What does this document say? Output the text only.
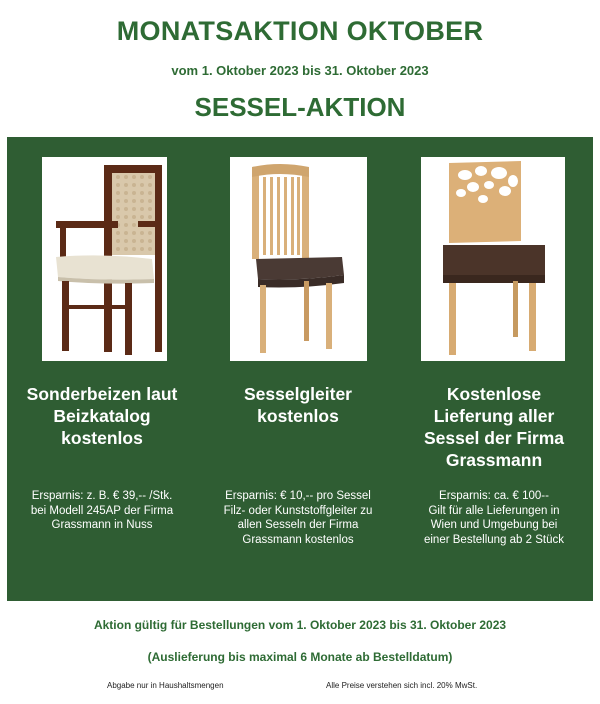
MONATSAKTION OKTOBER
vom 1. Oktober 2023 bis 31. Oktober 2023
SESSEL-AKTION
Sonderbeizen laut
Beizkatalog
kostenlos
Ersparnis: z. B. € 39,-- /Stk.
bei Modell 245AP der Firma
Grassmann in Nuss
Sesselgleiter
kostenlos
Ersparnis: € 10,-- pro Sessel
Filz- oder Kunststoffgleiter zu
allen Sesseln der Firma
Grassmann kostenlos
Kostenlose
Lieferung aller
Sessel der Firma
Grassmann
Ersparnis: ca. € 100--
Gilt für alle Lieferungen in
Wien und Umgebung bei
einer Bestellung ab 2 Stück
Aktion gültig für Bestellungen vom 1. Oktober 2023 bis 31. Oktober 2023
(Auslieferung bis maximal 6 Monate ab Bestelldatum)
Abgabe nur in Haushaltsmengen	Alle Preise verstehen sich incl. 20% MwSt.
